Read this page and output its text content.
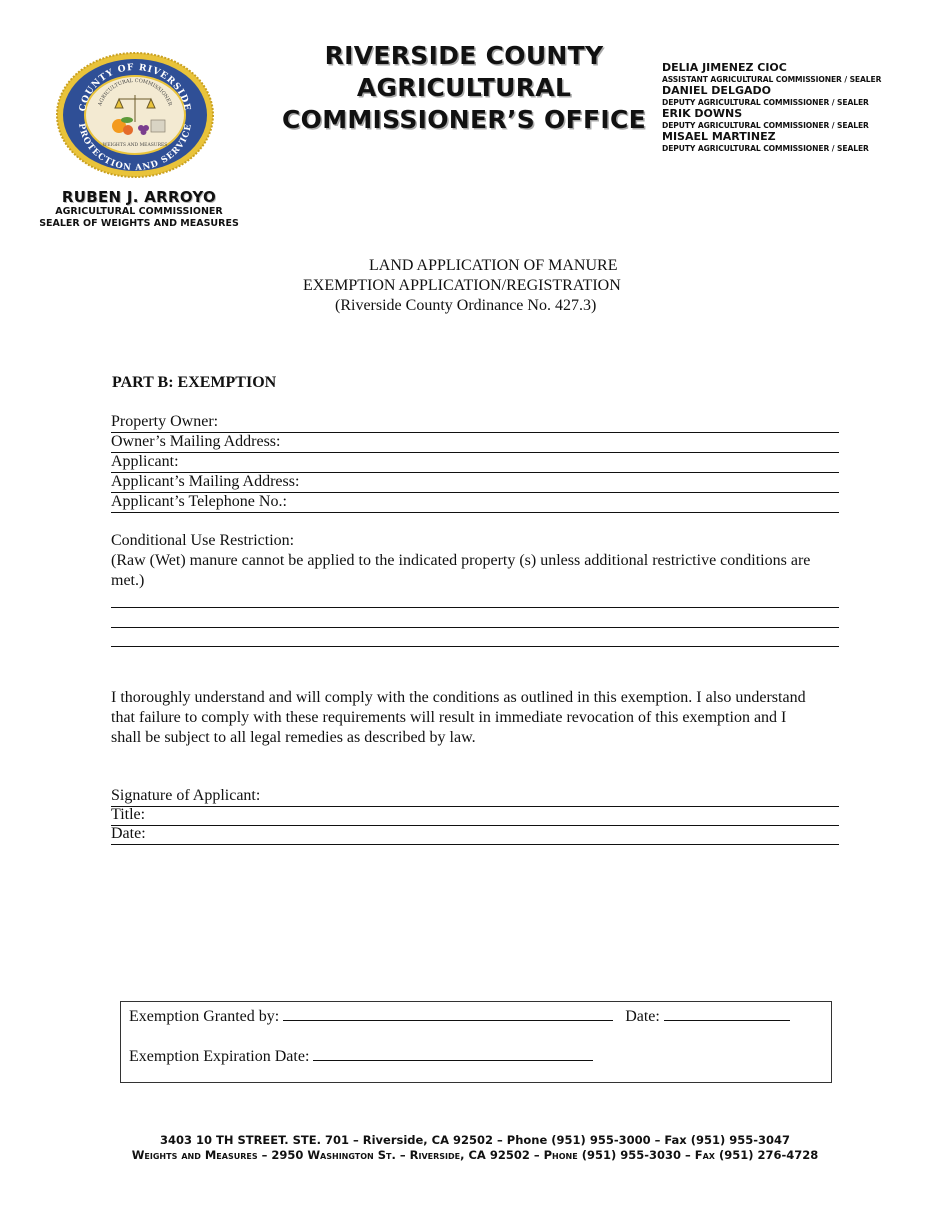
COUNTY OF RIVERSIDE
PROTECTION AND SERVICE
AGRICULTURAL COMMISSIONER
WEIGHTS AND MEASURES
RUBEN J. ARROYO
AGRICULTURAL COMMISSIONER
SEALER OF WEIGHTS AND MEASURES
RIVERSIDE COUNTY
AGRICULTURAL
COMMISSIONER’S OFFICE
DELIA JIMENEZ CIOC
ASSISTANT AGRICULTURAL COMMISSIONER / SEALER
DANIEL DELGADO
DEPUTY AGRICULTURAL COMMISSIONER / SEALER
ERIK DOWNS
DEPUTY AGRICULTURAL COMMISSIONER / SEALER
MISAEL MARTINEZ
DEPUTY AGRICULTURAL COMMISSIONER / SEALER
LAND APPLICATION OF MANURE
EXEMPTION APPLICATION/REGISTRATION
(Riverside County Ordinance No. 427.3)
PART B: EXEMPTION
Property Owner:
Owner’s Mailing Address:
Applicant:
Applicant’s Mailing Address:
Applicant’s Telephone No.:
Conditional Use Restriction:
(Raw (Wet) manure cannot be applied to the indicated property (s) unless additional restrictive conditions are met.)
I thoroughly understand and will comply with the conditions as outlined in this exemption. I also understand that failure to comply with these requirements will result in immediate revocation of this exemption and I shall be subject to all legal remedies as described by law.
Signature of Applicant:
Title:
Date:
Exemption Granted by:	Date:
Exemption Expiration Date:
3403 10 TH STREET. STE. 701 – Riverside, CA 92502 – Phone (951) 955-3000 – Fax (951) 955-3047
Weights and Measures – 2950 Washington St. – Riverside, CA 92502 – Phone (951) 955-3030 – Fax (951) 276-4728
